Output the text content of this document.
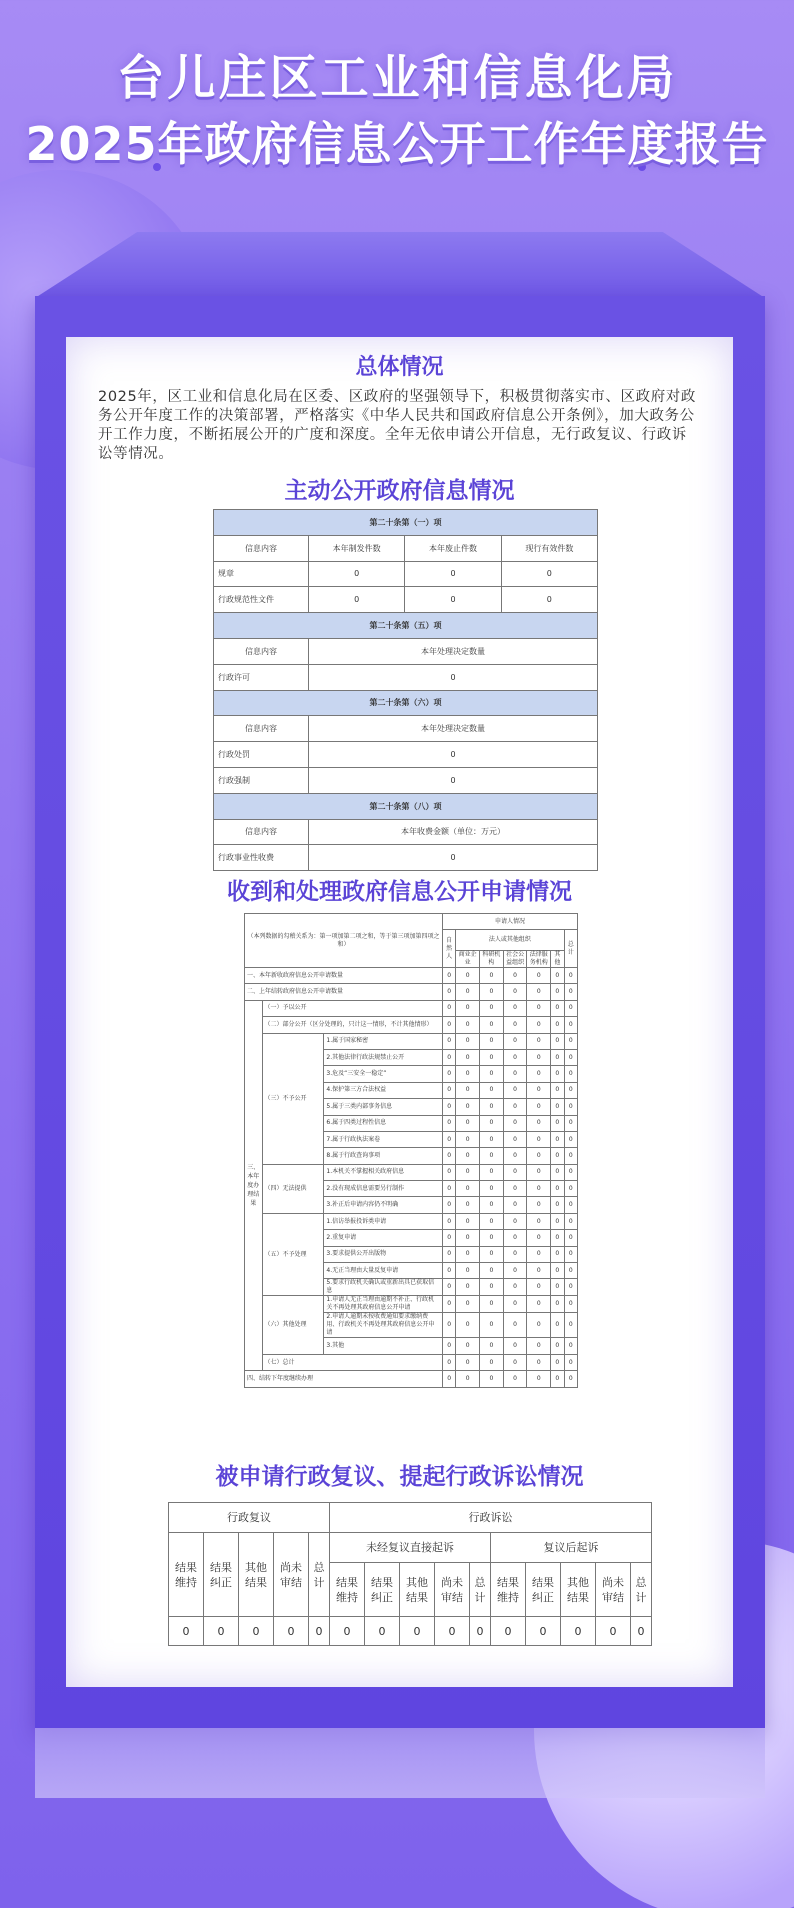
台儿庄区工业和信息化局
2025年政府信息公开工作年度报告
总体情况
2025年，区工业和信息化局在区委、区政府的坚强领导下，积极贯彻落实市、区政府对政务公开年度工作的决策部署，严格落实《中华人民共和国政府信息公开条例》，加大政务公开工作力度，不断拓展公开的广度和深度。全年无依申请公开信息，无行政复议、行政诉讼等情况。
主动公开政府信息情况
第二十条第（一）项			
信息内容	本年制发件数	本年废止件数	现行有效件数
规章	0	0	0
行政规范性文件	0	0	0
第二十条第（五）项			
信息内容	本年处理决定数量		
行政许可	0		
第二十条第（六）项			
信息内容	本年处理决定数量		
行政处罚	0		
行政强制	0		
第二十条第（八）项			
信息内容	本年收费金额（单位：万元）		
行政事业性收费	0		
收到和处理政府信息公开申请情况
（本列数据的勾稽关系为：第一项加第二项之和，等于第三项加第四项之和）			申请人情况						
			自然人	法人或其他组织					总计
				商业企业	科研机构	社会公益组织	法律服务机构	其他	
一、本年新收政府信息公开申请数量			0	0	0	0	0	0	0
二、上年结转政府信息公开申请数量			0	0	0	0	0	0	0
三、本年度办理结果	（一）予以公开		0	0	0	0	0	0	0
	（二）部分公开（区分处理的，只计这一情形，不计其他情形）		0	0	0	0	0	0	0
	（三）不予公开	1.属于国家秘密	0	0	0	0	0	0	0
		2.其他法律行政法规禁止公开	0	0	0	0	0	0	0
		3.危及“三安全一稳定”	0	0	0	0	0	0	0
		4.保护第三方合法权益	0	0	0	0	0	0	0
		5.属于三类内部事务信息	0	0	0	0	0	0	0
		6.属于四类过程性信息	0	0	0	0	0	0	0
		7.属于行政执法案卷	0	0	0	0	0	0	0
		8.属于行政查询事项	0	0	0	0	0	0	0
	（四）无法提供	1.本机关不掌握相关政府信息	0	0	0	0	0	0	0
		2.没有现成信息需要另行制作	0	0	0	0	0	0	0
		3.补正后申请内容仍不明确	0	0	0	0	0	0	0
	（五）不予处理	1.信访举报投诉类申请	0	0	0	0	0	0	0
		2.重复申请	0	0	0	0	0	0	0
		3.要求提供公开出版物	0	0	0	0	0	0	0
		4.无正当理由大量反复申请	0	0	0	0	0	0	0
		5.要求行政机关确认或重新出具已获取信息	0	0	0	0	0	0	0
	（六）其他处理	1.申请人无正当理由逾期不补正、行政机关不再处理其政府信息公开申请	0	0	0	0	0	0	0
		2.申请人逾期未按收费通知要求缴纳费用、行政机关不再处理其政府信息公开申请	0	0	0	0	0	0	0
		3.其他	0	0	0	0	0	0	0
	（七）总计		0	0	0	0	0	0	0
四、结转下年度继续办理			0	0	0	0	0	0	0
被申请行政复议、提起行政诉讼情况
行政复议					行政诉讼									
结果维持	结果纠正	其他结果	尚未审结	总计	未经复议直接起诉					复议后起诉				
					结果维持	结果纠正	其他结果	尚未审结	总计	结果维持	结果纠正	其他结果	尚未审结	总计
0	0	0	0	0	0	0	0	0	0	0	0	0	0	0
